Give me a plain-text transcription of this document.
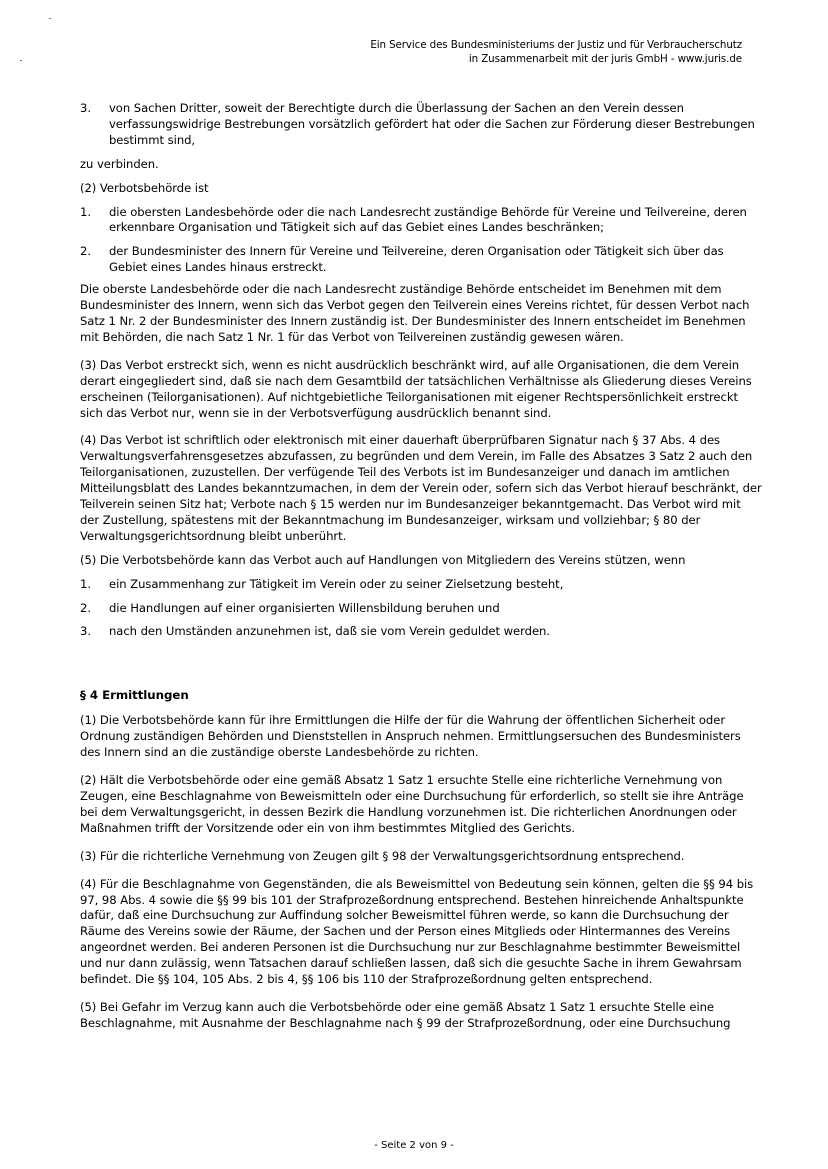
Ein Service des Bundesministeriums der Justiz und für Verbraucherschutz
in Zusammenarbeit mit der juris GmbH - www.juris.de
3.	von Sachen Dritter, soweit der Berechtigte durch die Überlassung der Sachen an den Verein dessen verfassungswidrige Bestrebungen vorsätzlich gefördert hat oder die Sachen zur Förderung dieser Bestrebungen bestimmt sind,

zu verbinden.

(2) Verbotsbehörde ist

1.	die obersten Landesbehörde oder die nach Landesrecht zuständige Behörde für Vereine und Teilvereine, deren erkennbare Organisation und Tätigkeit sich auf das Gebiet eines Landes beschränken;
2.	der Bundesminister des Innern für Vereine und Teilvereine, deren Organisation oder Tätigkeit sich über das Gebiet eines Landes hinaus erstreckt.

Die oberste Landesbehörde oder die nach Landesrecht zuständige Behörde entscheidet im Benehmen mit dem Bundesminister des Innern, wenn sich das Verbot gegen den Teilverein eines Vereins richtet, für dessen Verbot nach Satz 1 Nr. 2 der Bundesminister des Innern zuständig ist. Der Bundesminister des Innern entscheidet im Benehmen mit Behörden, die nach Satz 1 Nr. 1 für das Verbot von Teilvereinen zuständig gewesen wären.

(3) Das Verbot erstreckt sich, wenn es nicht ausdrücklich beschränkt wird, auf alle Organisationen, die dem Verein derart eingegliedert sind, daß sie nach dem Gesamtbild der tatsächlichen Verhältnisse als Gliederung dieses Vereins erscheinen (Teilorganisationen). Auf nichtgebietliche Teilorganisationen mit eigener Rechtspersönlichkeit erstreckt sich das Verbot nur, wenn sie in der Verbotsverfügung ausdrücklich benannt sind.

(4) Das Verbot ist schriftlich oder elektronisch mit einer dauerhaft überprüfbaren Signatur nach § 37 Abs. 4 des Verwaltungsverfahrensgesetzes abzufassen, zu begründen und dem Verein, im Falle des Absatzes 3 Satz 2 auch den Teilorganisationen, zuzustellen. Der verfügende Teil des Verbots ist im Bundesanzeiger und danach im amtlichen Mitteilungsblatt des Landes bekanntzumachen, in dem der Verein oder, sofern sich das Verbot hierauf beschränkt, der Teilverein seinen Sitz hat; Verbote nach § 15 werden nur im Bundesanzeiger bekanntgemacht. Das Verbot wird mit der Zustellung, spätestens mit der Bekanntmachung im Bundesanzeiger, wirksam und vollziehbar; § 80 der Verwaltungsgerichtsordnung bleibt unberührt.

(5) Die Verbotsbehörde kann das Verbot auch auf Handlungen von Mitgliedern des Vereins stützen, wenn

1.	ein Zusammenhang zur Tätigkeit im Verein oder zu seiner Zielsetzung besteht,
2.	die Handlungen auf einer organisierten Willensbildung beruhen und
3.	nach den Umständen anzunehmen ist, daß sie vom Verein geduldet werden.
§ 4 Ermittlungen

(1) Die Verbotsbehörde kann für ihre Ermittlungen die Hilfe der für die Wahrung der öffentlichen Sicherheit oder Ordnung zuständigen Behörden und Dienststellen in Anspruch nehmen. Ermittlungsersuchen des Bundesministers des Innern sind an die zuständige oberste Landesbehörde zu richten.

(2) Hält die Verbotsbehörde oder eine gemäß Absatz 1 Satz 1 ersuchte Stelle eine richterliche Vernehmung von Zeugen, eine Beschlagnahme von Beweismitteln oder eine Durchsuchung für erforderlich, so stellt sie ihre Anträge bei dem Verwaltungsgericht, in dessen Bezirk die Handlung vorzunehmen ist. Die richterlichen Anordnungen oder Maßnahmen trifft der Vorsitzende oder ein von ihm bestimmtes Mitglied des Gerichts.

(3) Für die richterliche Vernehmung von Zeugen gilt § 98 der Verwaltungsgerichtsordnung entsprechend.

(4) Für die Beschlagnahme von Gegenständen, die als Beweismittel von Bedeutung sein können, gelten die §§ 94 bis 97, 98 Abs. 4 sowie die §§ 99 bis 101 der Strafprozeßordnung entsprechend. Bestehen hinreichende Anhaltspunkte dafür, daß eine Durchsuchung zur Auffindung solcher Beweismittel führen werde, so kann die Durchsuchung der Räume des Vereins sowie der Räume, der Sachen und der Person eines Mitglieds oder Hintermannes des Vereins angeordnet werden. Bei anderen Personen ist die Durchsuchung nur zur Beschlagnahme bestimmter Beweismittel und nur dann zulässig, wenn Tatsachen darauf schließen lassen, daß sich die gesuchte Sache in ihrem Gewahrsam befindet. Die §§ 104, 105 Abs. 2 bis 4, §§ 106 bis 110 der Strafprozeßordnung gelten entsprechend.

(5) Bei Gefahr im Verzug kann auch die Verbotsbehörde oder eine gemäß Absatz 1 Satz 1 ersuchte Stelle eine Beschlagnahme, mit Ausnahme der Beschlagnahme nach § 99 der Strafprozeßordnung, oder eine Durchsuchung

- Seite 2 von 9 -
